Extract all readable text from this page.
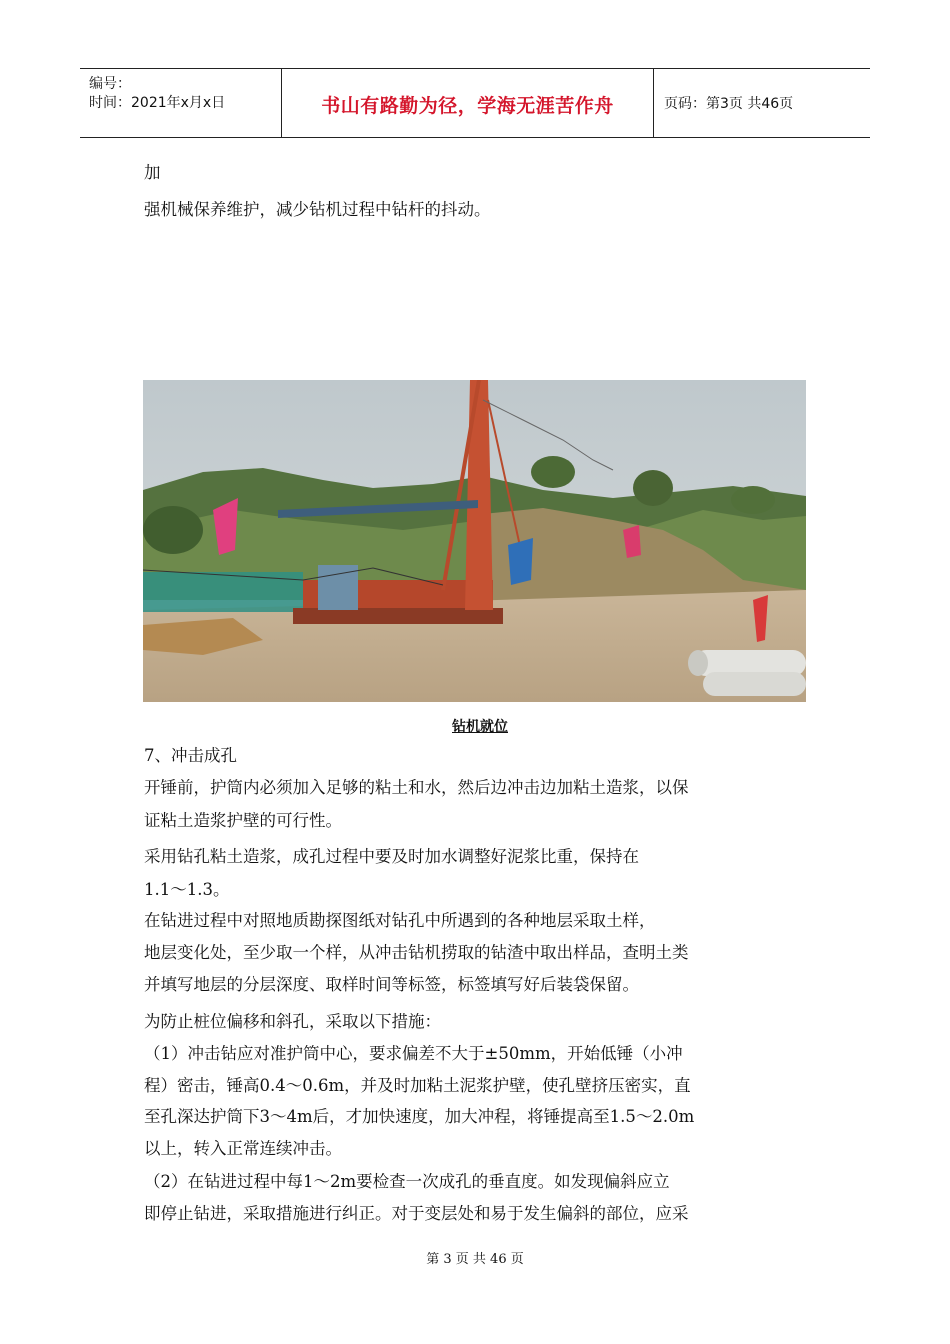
编号：
时间：2021年x月x日	书山有路勤为径，学海无涯苦作舟	页码：第3页 共46页

加

强机械保养维护，减少钻机过程中钻杆的抖动。

钻机就位

7、冲击成孔

开锤前，护筒内必须加入足够的粘土和水，然后边冲击边加粘土造浆，以保

证粘土造浆护壁的可行性。

采用钻孔粘土造浆，成孔过程中要及时加水调整好泥浆比重，保持在

1.1～1.3。

在钻进过程中对照地质勘探图纸对钻孔中所遇到的各种地层采取土样，

地层变化处，至少取一个样，从冲击钻机捞取的钻渣中取出样品，查明土类

并填写地层的分层深度、取样时间等标签，标签填写好后装袋保留。

为防止桩位偏移和斜孔，采取以下措施：

（1）冲击钻应对准护筒中心，要求偏差不大于±50mm，开始低锤（小冲

程）密击，锤高0.4～0.6m，并及时加粘土泥浆护壁，使孔壁挤压密实，直

至孔深达护筒下3～4m后，才加快速度，加大冲程，将锤提高至1.5～2.0m

以上，转入正常连续冲击。

（2）在钻进过程中每1～2m要检查一次成孔的垂直度。如发现偏斜应立

即停止钻进，采取措施进行纠正。对于变层处和易于发生偏斜的部位，应采

第 3 页 共 46 页
